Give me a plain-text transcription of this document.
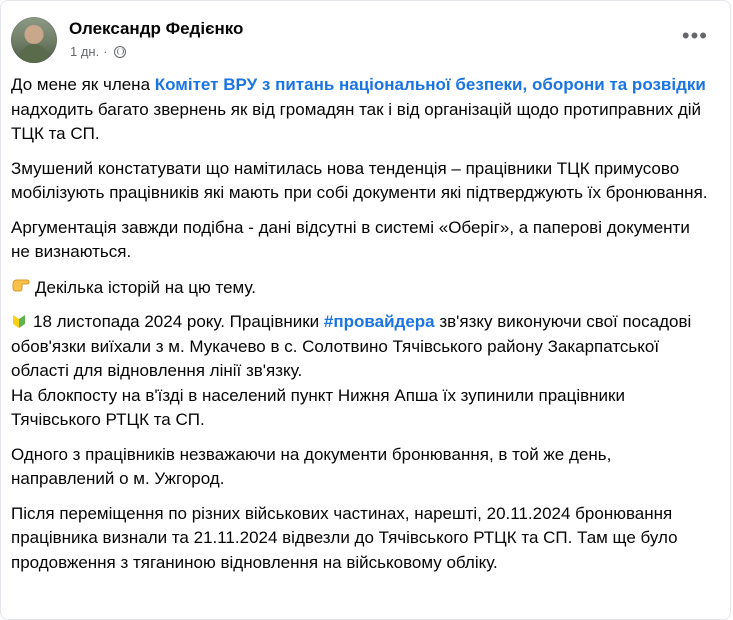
Олександр Федієнко
1 дн. ·
•••

До мене як члена Комітет ВРУ з питань національної безпеки, оборони та розвідки надходить багато звернень як від громадян так і від організацій щодо протиправних дій ТЦК та СП.

Змушений констатувати що намітилась нова тенденція – працівники ТЦК примусово мобілізують працівників які мають при собі документи які підтверджують їх бронювання.

Аргументація завжди подібна - дані відсутні в системі «Оберіг», а паперові документи не визнаються.

Декілька історій на цю тему.

18 листопада 2024 року. Працівники #провайдера зв'язку виконуючи свої посадові обов'язки виїхали з м. Мукачево в с. Солотвино Тячівського району Закарпатської області для відновлення лінії зв'язку.
На блокпосту на в'їзді в населений пункт Нижня Апша їх зупинили працівники Тячівського РТЦК та СП.

Одного з працівників незважаючи на документи бронювання, в той же день, направлений о м. Ужгород.

Після переміщення по різних військових частинах, нарешті, 20.11.2024 бронювання працівника визнали та 21.11.2024 відвезли до Тячівського РТЦК та СП. Там ще було продовження з тяганиною відновлення на військовому обліку.
